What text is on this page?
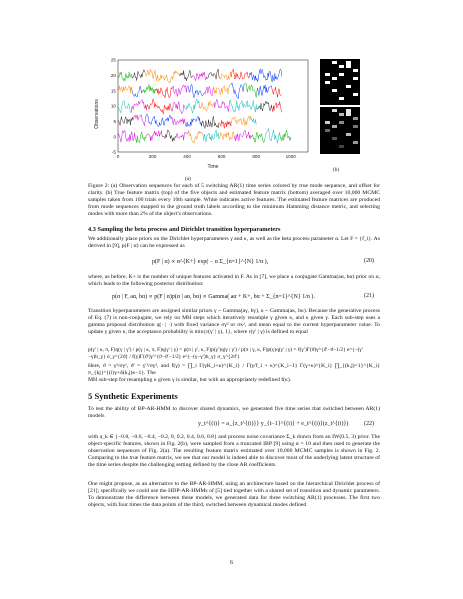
Observations
25
20
15
10
5
0
-5
0	200	400	600	800	1000
Time
(a)
(b)
Figure 2: (a) Observation sequences for each of 5 switching AR(1) time series colored by true mode sequence, and offset for clarity. (b) True feature matrix (top) of the five objects and estimated feature matrix (bottom) averaged over 10,000 MCMC samples taken from 100 trials every 10th sample. White indicates active features. The estimated feature matrices are produced from mode sequences mapped to the ground truth labels according to the minimum Hamming distance metric, and selecting modes with more than 2% of the object's observations.
4.3 Sampling the beta process and Dirichlet transition hyperparameters
We additionally place priors on the Dirichlet hyperparameters γ and κ, as well as the beta process parameter α. Let F = {f_i}. As derived in [9], p(F | α) can be expressed as
p(F | α) ∝ α^{K+} exp( − α Σ_{n=1}^{N} 1/n ),	(20)
where, as before, K+ is the number of unique features activated in F. As in [7], we place a conjugate Gamma(aα, bα) prior on α, which leads to the following posterior distribution:
p(α | F, aα, bα) ∝ p(F | α)p(α | aα, bα) ∝ Gamma( aα + K+, bα + Σ_{n=1}^{N} 1/n ).	(21)
Transition hyperparameters are assigned similar priors γ ~ Gamma(aγ, bγ), κ ~ Gamma(aκ, bκ). Because the generative process of Eq. (7) is non-conjugate, we rely on MH steps which iteratively resample γ given κ, and κ given γ. Each sub-step uses a gamma proposal distribution q(· | ·) with fixed variance σγ² or σκ², and mean equal to the current hyperparameter value. To update γ given κ, the acceptance probability is min{r(γ′ | γ), 1}, where r(γ′ | γ) is defined to equal
p(γ′ | κ, π, F)q(γ | γ′) / p(γ | κ, π, F)q(γ′ | γ) = p(π | γ′, κ, F)p(γ′)q(γ | γ′) / p(π | γ, κ, F)p(γ)q(γ′ | γ) = f(γ′)Γ(ϑ)γ^{ϑ′−ϑ−1/2} e^{−(γ′−γ)b_γ} σ_γ^{2ϑ} / f(γ)Γ(ϑ′)γ′^{ϑ−ϑ′−1/2} e^{−(γ−γ′)b_γ} σ_γ^{2ϑ′}
Here, ϑ = γ²/σγ², ϑ′ = γ′²/σγ², and f(γ) = ∏_i Γ(γK_i+κ)^{K_i} / Γ(γ/f_i + κ)^{K_i−1} Γ(γ+κ)^{K_i} ∏_{(k,j)=1}^{K_i} π_{kj}^{(i)γ+δ(k,j)κ−1}. The
MH sub-step for resampling κ given γ is similar, but with an appropriately redefined f(κ).
5 Synthetic Experiments
To test the ability of BP-AR-HMM to discover shared dynamics, we generated five time series that switched between AR(1) models
y_t^{(i)} = a_{z_t^{(i)}} y_{t−1}^{(i)} + e_t^{(i)}(z_t^{(i)})	(22)
with a_k ∈ {−0.8, −0.6, −0.4, −0.2, 0, 0.2, 0.4, 0.6, 0.8} and process noise covariance Σ_k drawn from an IW(0.5, 3) prior. The object-specific features, shown in Fig. 2(b), were sampled from a truncated IBP [9] using α = 10 and then used to generate the observation sequences of Fig. 2(a). The resulting feature matrix estimated over 10,000 MCMC samples is shown in Fig. 2. Comparing to the true feature matrix, we see that our model is indeed able to discover most of the underlying latent structure of the time series despite the challenging setting defined by the close AR coefficients.
One might propose, as an alternative to the BP-AR-HMM, using an architecture based on the hierarchical Dirichlet process of [21]; specifically we could use the HDP-AR-HMMs of [5] tied together with a shared set of transition and dynamic parameters. To demonstrate the difference between these models, we generated data for three switching AR(1) processes. The first two objects, with four times the data points of the third, switched between dynamical modes defined
6
